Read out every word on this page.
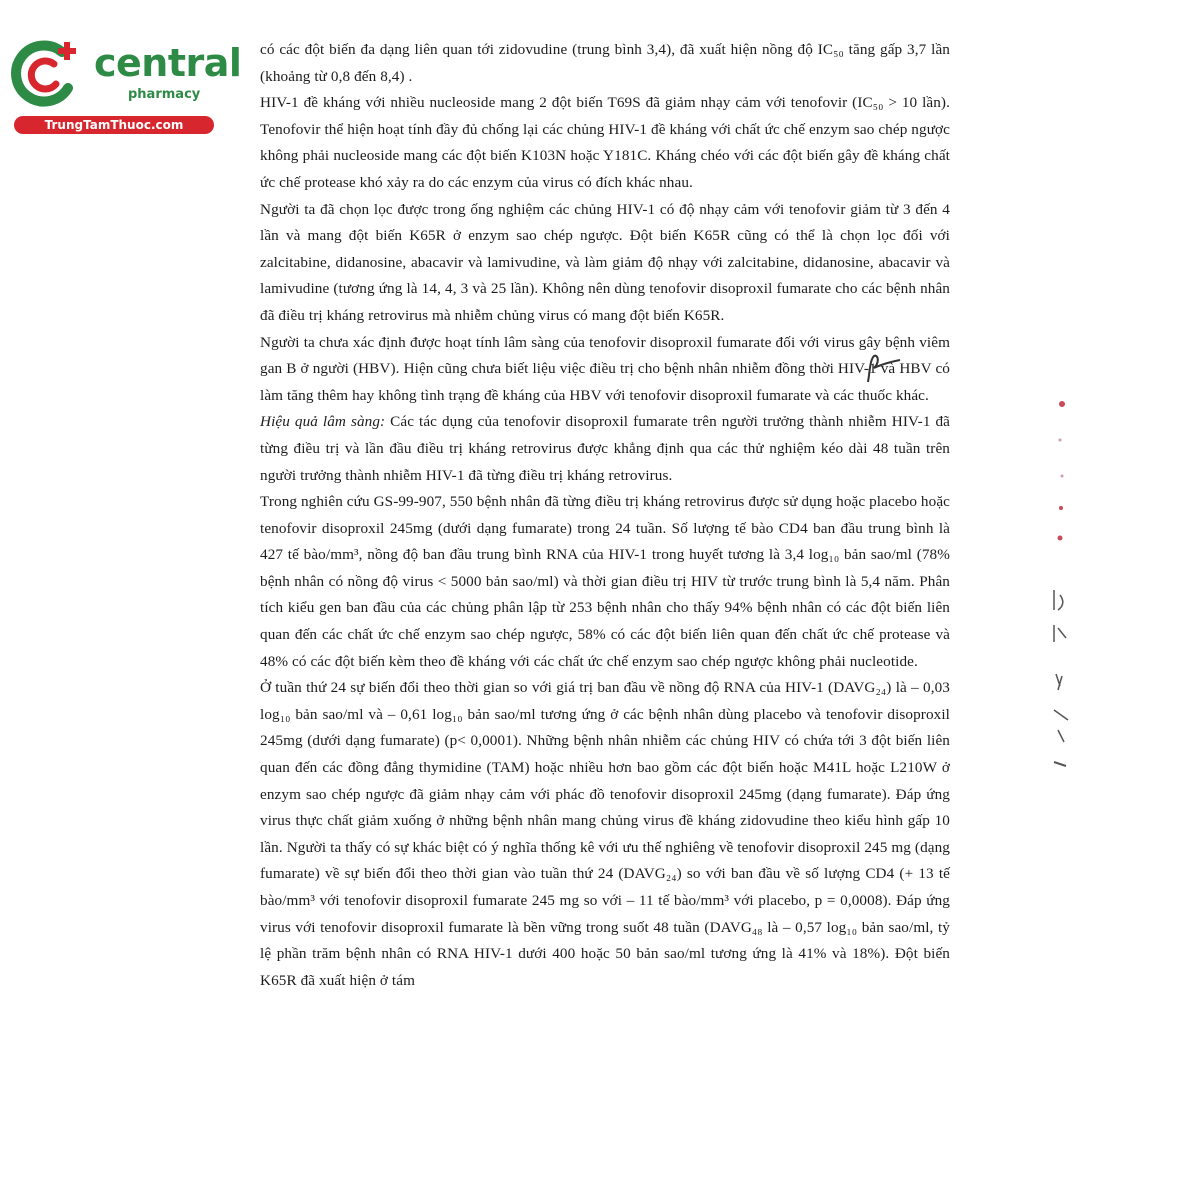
central
pharmacy
TrungTamThuoc.com

có các đột biến đa dạng liên quan tới zidovudine (trung bình 3,4), đã xuất hiện nồng độ IC₅₀ tăng gấp 3,7 lần (khoảng từ 0,8 đến 8,4) .

HIV-1 đề kháng với nhiều nucleoside mang 2 đột biến T69S đã giảm nhạy cảm với tenofovir (IC₅₀ > 10 lần). Tenofovir thể hiện hoạt tính đầy đủ chống lại các chủng HIV-1 đề kháng với chất ức chế enzym sao chép ngược không phải nucleoside mang các đột biến K103N hoặc Y181C. Kháng chéo với các đột biến gây đề kháng chất ức chế protease khó xảy ra do các enzym của virus có đích khác nhau.

Người ta đã chọn lọc được trong ống nghiệm các chủng HIV-1 có độ nhạy cảm với tenofovir giảm từ 3 đến 4 lần và mang đột biến K65R ở enzym sao chép ngược. Đột biến K65R cũng có thể là chọn lọc đối với zalcitabine, didanosine, abacavir và lamivudine, và làm giảm độ nhạy với zalcitabine, didanosine, abacavir và lamivudine (tương ứng là 14, 4, 3 và 25 lần). Không nên dùng tenofovir disoproxil fumarate cho các bệnh nhân đã điều trị kháng retrovirus mà nhiễm chủng virus có mang đột biến K65R.

Người ta chưa xác định được hoạt tính lâm sàng của tenofovir disoproxil fumarate đối với virus gây bệnh viêm gan B ở người (HBV). Hiện cũng chưa biết liệu việc điều trị cho bệnh nhân nhiễm đồng thời HIV-1 và HBV có làm tăng thêm hay không tình trạng đề kháng của HBV với tenofovir disoproxil fumarate và các thuốc khác.

Hiệu quả lâm sàng: Các tác dụng của tenofovir disoproxil fumarate trên người trưởng thành nhiễm HIV-1 đã từng điều trị và lần đầu điều trị kháng retrovirus được khẳng định qua các thử nghiệm kéo dài 48 tuần trên người trưởng thành nhiễm HIV-1 đã từng điều trị kháng retrovirus.

Trong nghiên cứu GS-99-907, 550 bệnh nhân đã từng điều trị kháng retrovirus được sử dụng hoặc placebo hoặc tenofovir disoproxil 245mg (dưới dạng fumarate) trong 24 tuần. Số lượng tế bào CD4 ban đầu trung bình là 427 tế bào/mm³, nồng độ ban đầu trung bình RNA của HIV-1 trong huyết tương là 3,4 log₁₀ bản sao/ml (78% bệnh nhân có nồng độ virus < 5000 bản sao/ml) và thời gian điều trị HIV từ trước trung bình là 5,4 năm. Phân tích kiểu gen ban đầu của các chủng phân lập từ 253 bệnh nhân cho thấy 94% bệnh nhân có các đột biến liên quan đến các chất ức chế enzym sao chép ngược, 58% có các đột biến liên quan đến chất ức chế protease và 48% có các đột biến kèm theo đề kháng với các chất ức chế enzym sao chép ngược không phải nucleotide.

Ở tuần thứ 24 sự biến đổi theo thời gian so với giá trị ban đầu về nồng độ RNA của HIV-1 (DAVG₂₄) là – 0,03 log₁₀ bản sao/ml và – 0,61 log₁₀ bản sao/ml tương ứng ở các bệnh nhân dùng placebo và tenofovir disoproxil 245mg (dưới dạng fumarate) (p< 0,0001). Những bệnh nhân nhiễm các chủng HIV có chứa tới 3 đột biến liên quan đến các đồng đẳng thymidine (TAM) hoặc nhiều hơn bao gồm các đột biến hoặc M41L hoặc L210W ở enzym sao chép ngược đã giảm nhạy cảm với phác đồ tenofovir disoproxil 245mg (dạng fumarate). Đáp ứng virus thực chất giảm xuống ở những bệnh nhân mang chủng virus đề kháng zidovudine theo kiểu hình gấp 10 lần. Người ta thấy có sự khác biệt có ý nghĩa thống kê với ưu thế nghiêng về tenofovir disoproxil 245 mg (dạng fumarate) về sự biến đổi theo thời gian vào tuần thứ 24 (DAVG₂₄) so với ban đầu về số lượng CD4 (+ 13 tế bào/mm³ với tenofovir disoproxil fumarate 245 mg so với – 11 tế bào/mm³ với placebo, p = 0,0008). Đáp ứng virus với tenofovir disoproxil fumarate là bền vững trong suốt 48 tuần (DAVG₄₈ là – 0,57 log₁₀ bản sao/ml, tỷ lệ phần trăm bệnh nhân có RNA HIV-1 dưới 400 hoặc 50 bản sao/ml tương ứng là 41% và 18%). Đột biến K65R đã xuất hiện ở tám
